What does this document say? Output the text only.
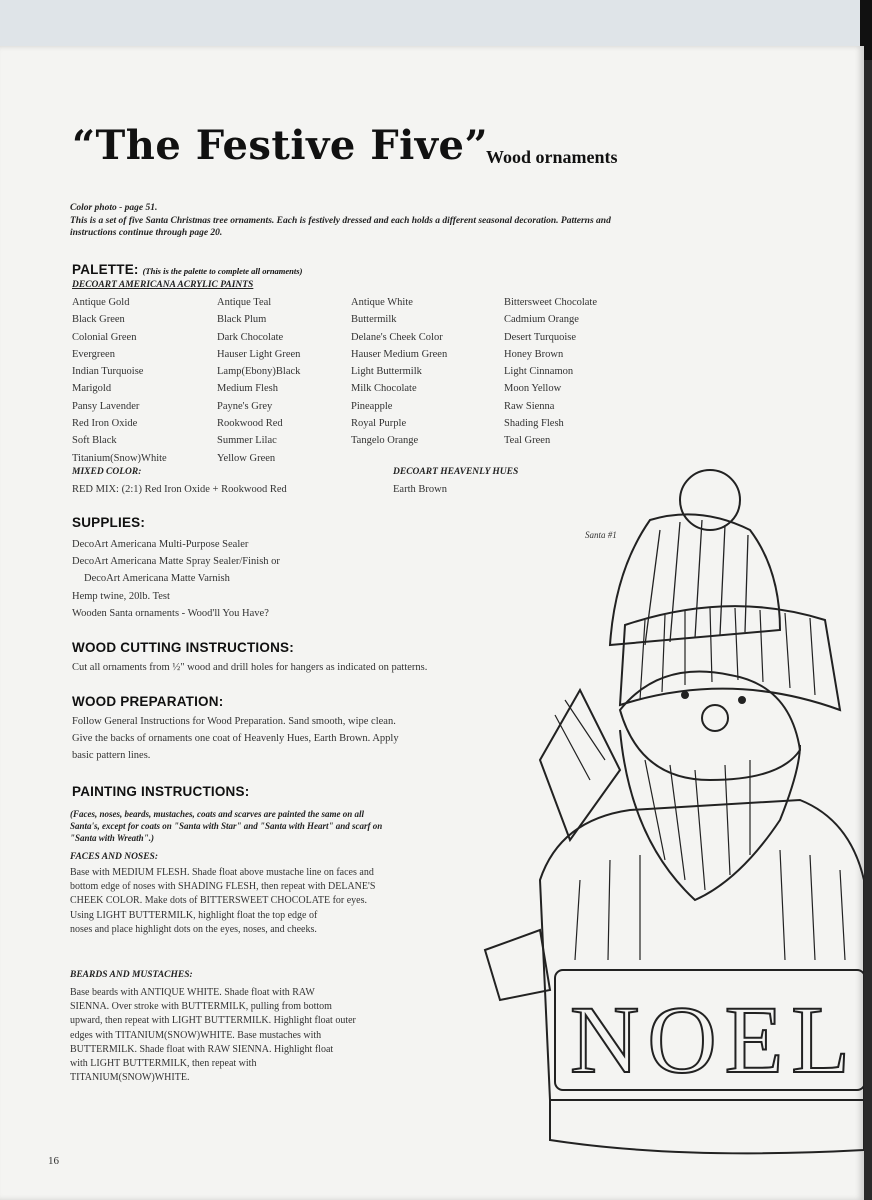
“The Festive Five”
Wood ornaments
Color photo - page 51.
This is a set of five Santa Christmas tree ornaments. Each is festively dressed and each holds a different seasonal decoration. Patterns and
instructions continue through page 20.
PALETTE: (This is the palette to complete all ornaments)
DECOART AMERICANA ACRYLIC PAINTS
Antique Gold
Black Green
Colonial Green
Evergreen
Indian Turquoise
Marigold
Pansy Lavender
Red Iron Oxide
Soft Black
Titanium(Snow)White
Antique Teal
Black Plum
Dark Chocolate
Hauser Light Green
Lamp(Ebony)Black
Medium Flesh
Payne's Grey
Rookwood Red
Summer Lilac
Yellow Green
Antique White
Buttermilk
Delane's Cheek Color
Hauser Medium Green
Light Buttermilk
Milk Chocolate
Pineapple
Royal Purple
Tangelo Orange
Bittersweet Chocolate
Cadmium Orange
Desert Turquoise
Honey Brown
Light Cinnamon
Moon Yellow
Raw Sienna
Shading Flesh
Teal Green
MIXED COLOR:
RED MIX: (2:1) Red Iron Oxide + Rookwood Red
DECOART HEAVENLY HUES
Earth Brown
SUPPLIES:
DecoArt Americana Multi-Purpose Sealer
DecoArt Americana Matte Spray Sealer/Finish or
DecoArt Americana Matte Varnish
Hemp twine, 20lb. Test
Wooden Santa ornaments - Wood'll You Have?
WOOD CUTTING INSTRUCTIONS:
Cut all ornaments from ½" wood and drill holes for hangers as indicated on patterns.
WOOD PREPARATION:
Follow General Instructions for Wood Preparation. Sand smooth, wipe clean.
Give the backs of ornaments one coat of Heavenly Hues, Earth Brown. Apply
basic pattern lines.
PAINTING INSTRUCTIONS:
(Faces, noses, beards, mustaches, coats and scarves are painted the same on all
Santa's, except for coats on "Santa with Star" and "Santa with Heart" and scarf on
"Santa with Wreath".)
FACES AND NOSES:
Base with MEDIUM FLESH. Shade float above mustache line on faces and
bottom edge of noses with SHADING FLESH, then repeat with DELANE'S
CHEEK COLOR. Make dots of BITTERSWEET CHOCOLATE for eyes.
Using LIGHT BUTTERMILK, highlight float the top edge of
noses and place highlight dots on the eyes, noses, and cheeks.
BEARDS AND MUSTACHES:
Base beards with ANTIQUE WHITE. Shade float with RAW
SIENNA. Over stroke with BUTTERMILK, pulling from bottom
upward, then repeat with LIGHT BUTTERMILK. Highlight float outer
edges with TITANIUM(SNOW)WHITE. Base mustaches with
BUTTERMILK. Shade float with RAW SIENNA. Highlight float
with LIGHT BUTTERMILK, then repeat with
TITANIUM(SNOW)WHITE.
Santa #1
NOEL
16
